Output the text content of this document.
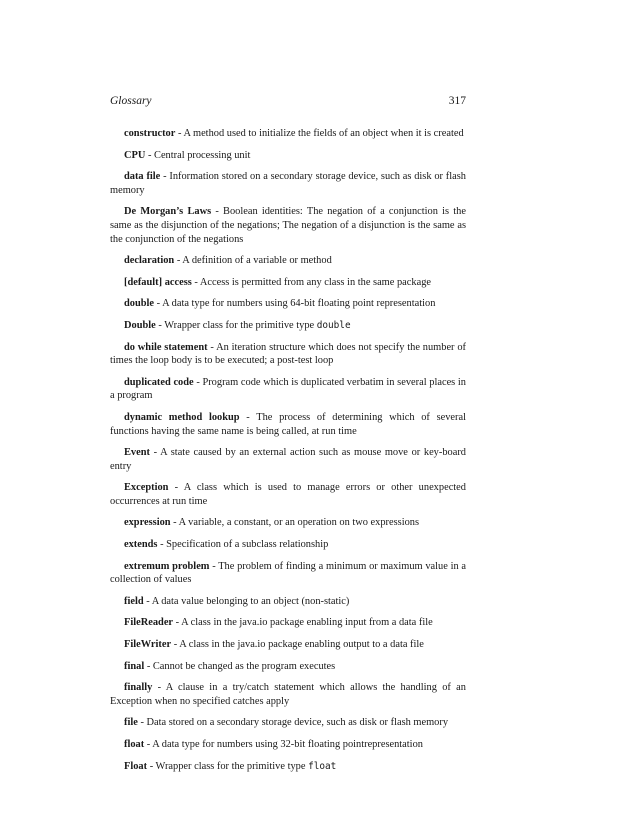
Glossary	317
constructor - A method used to initialize the fields of an object when it is created
CPU - Central processing unit
data file - Information stored on a secondary storage device, such as disk or flash memory
De Morgan’s Laws - Boolean identities: The negation of a conjunction is the same as the disjunction of the negations; The negation of a disjunction is the same as the conjunction of the negations
declaration - A definition of a variable or method
[default] access - Access is permitted from any class in the same package
double - A data type for numbers using 64-bit floating point representation
Double - Wrapper class for the primitive type double
do while statement - An iteration structure which does not specify the number of times the loop body is to be executed; a post-test loop
duplicated code - Program code which is duplicated verbatim in several places in a program
dynamic method lookup - The process of determining which of several functions having the same name is being called, at run time
Event - A state caused by an external action such as mouse move or key-board entry
Exception - A class which is used to manage errors or other unexpected occurrences at run time
expression - A variable, a constant, or an operation on two expressions
extends - Specification of a subclass relationship
extremum problem - The problem of finding a minimum or maximum value in a collection of values
field - A data value belonging to an object (non-static)
FileReader - A class in the java.io package enabling input from a data file
FileWriter - A class in the java.io package enabling output to a data file
final - Cannot be changed as the program executes
finally - A clause in a try/catch statement which allows the handling of an Exception when no specified catches apply
file - Data stored on a secondary storage device, such as disk or flash memory
float - A data type for numbers using 32-bit floating pointrepresentation
Float - Wrapper class for the primitive type float
